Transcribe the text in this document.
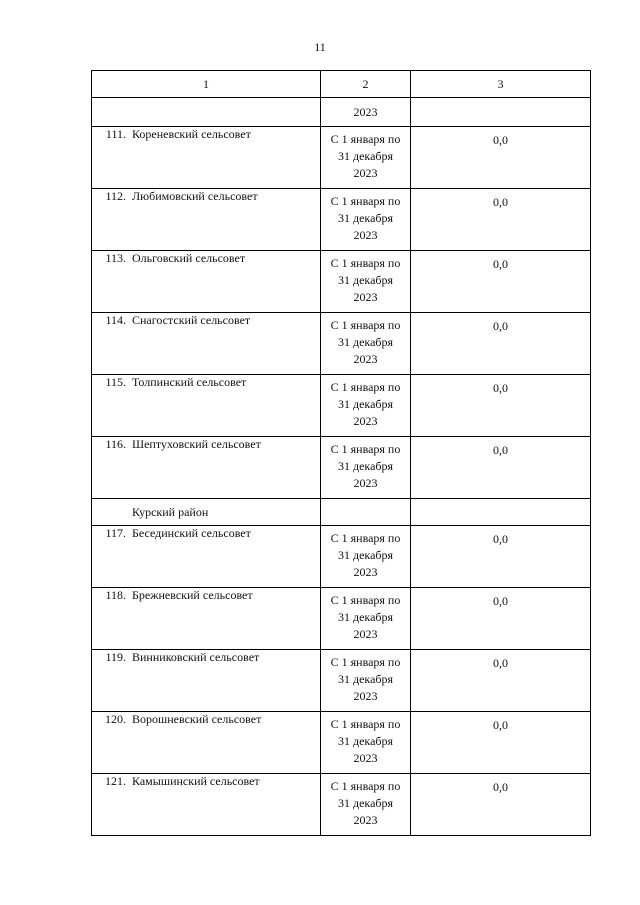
11
1	2	3
	2023	
111. Кореневский сельсовет	С 1 января по
31 декабря
2023	0,0

112. Любимовский сельсовет	С 1 января по
31 декабря
2023	0,0

113. Ольговский сельсовет	С 1 января по
31 декабря
2023	0,0

114. Снагостский сельсовет	С 1 января по
31 декабря
2023	0,0

115. Толпинский сельсовет	С 1 января по
31 декабря
2023	0,0

116. Шептуховский сельсовет	С 1 января по
31 декабря
2023	0,0

Курский район		

117. Бесединский сельсовет	С 1 января по
31 декабря
2023	0,0

118. Брежневский сельсовет	С 1 января по
31 декабря
2023	0,0

119. Винниковский сельсовет	С 1 января по
31 декабря
2023	0,0

120. Ворошневский сельсовет	С 1 января по
31 декабря
2023	0,0

121. Камышинский сельсовет	С 1 января по
31 декабря
2023	0,0
